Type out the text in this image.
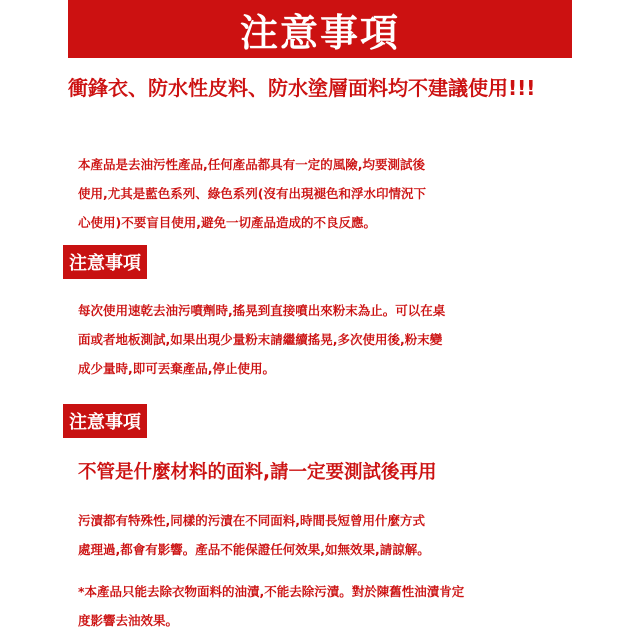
注意事項
衝鋒衣、防水性皮料、防水塗層面料均不建議使用!!!
本產品是去油污性產品,任何產品都具有一定的風險,均要測試後
使用,尤其是藍色系列、綠色系列(沒有出現褪色和浮水印情況下
心使用)不要盲目使用,避免一切產品造成的不良反應。
注意事項
每次使用速乾去油污噴劑時,搖晃到直接噴出來粉末為止。可以在桌
面或者地板測試,如果出現少量粉末請繼續搖晃,多次使用後,粉末變
成少量時,即可丟棄產品,停止使用。
注意事項
不管是什麼材料的面料,請一定要測試後再用
污漬都有特殊性,同樣的污漬在不同面料,時間長短曾用什麼方式
處理過,都會有影響。產品不能保證任何效果,如無效果,請諒解。
*本產品只能去除衣物面料的油漬,不能去除污漬。對於陳舊性油漬肯定
度影響去油效果。
